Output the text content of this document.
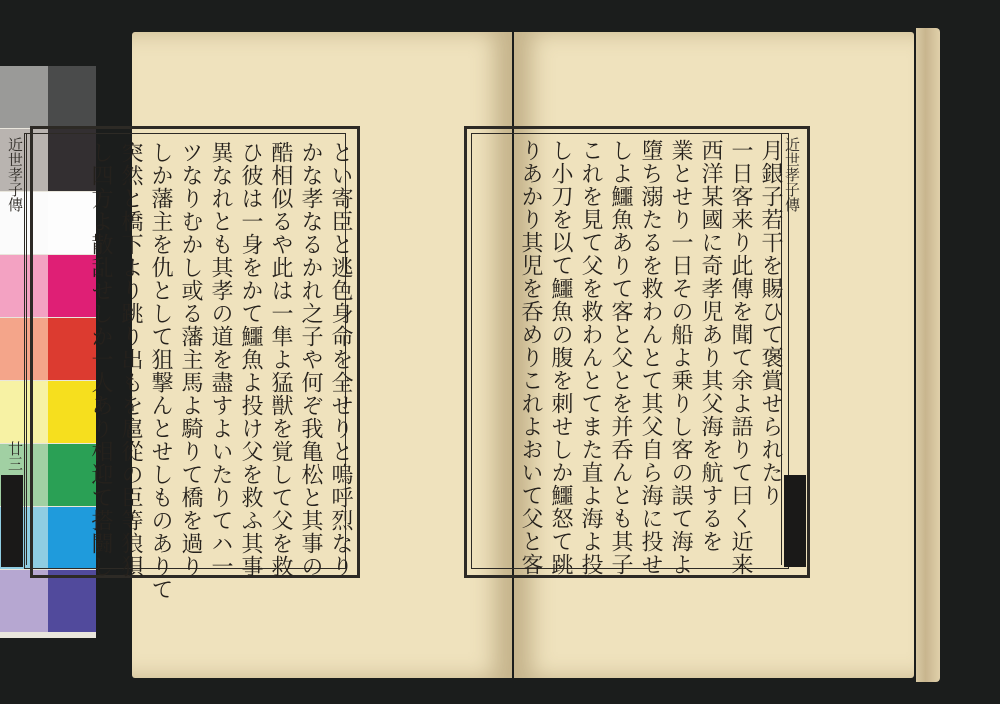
近世孝子傳
廿三	とい寄臣と逃色身命を全せりと嗚呼烈なり
かな孝なるかれ之子や何ぞ我亀松と其事の
酷相似るや此は一隼よ猛獣を覚して父を救
ひ彼は一身をかて鱷魚よ投け父を救ふ其事
異なれとも其孝の道を盡すよいたりてハ一
ツなりむかし或る藩主馬よ騎りて橋を過り
しか藩主を仇として狙撃んとせしものありて
突然と橋下より跳り出もを扈從の臣等狼狽
し四方よ散乱せしか一人あり相迎て搭闘し	近世孝子傳
月銀子若干を賜ひて褒賞せられたり
一日客来り此傳を聞て余よ語りて曰く近来
西洋某國に奇孝児あり其父海を航するを
業とせり一日その船よ乗りし客の誤て海よ
墮ち溺たるを救わんとて其父自ら海に投せ
しよ鱷魚ありて客と父とを并呑んとも其子
これを見て父を救わんとてまた直よ海よ投
し小刀を以て鱷魚の腹を刺せしか鱷怒て跳
りあかり其児を呑めりこれよおいて父と客
